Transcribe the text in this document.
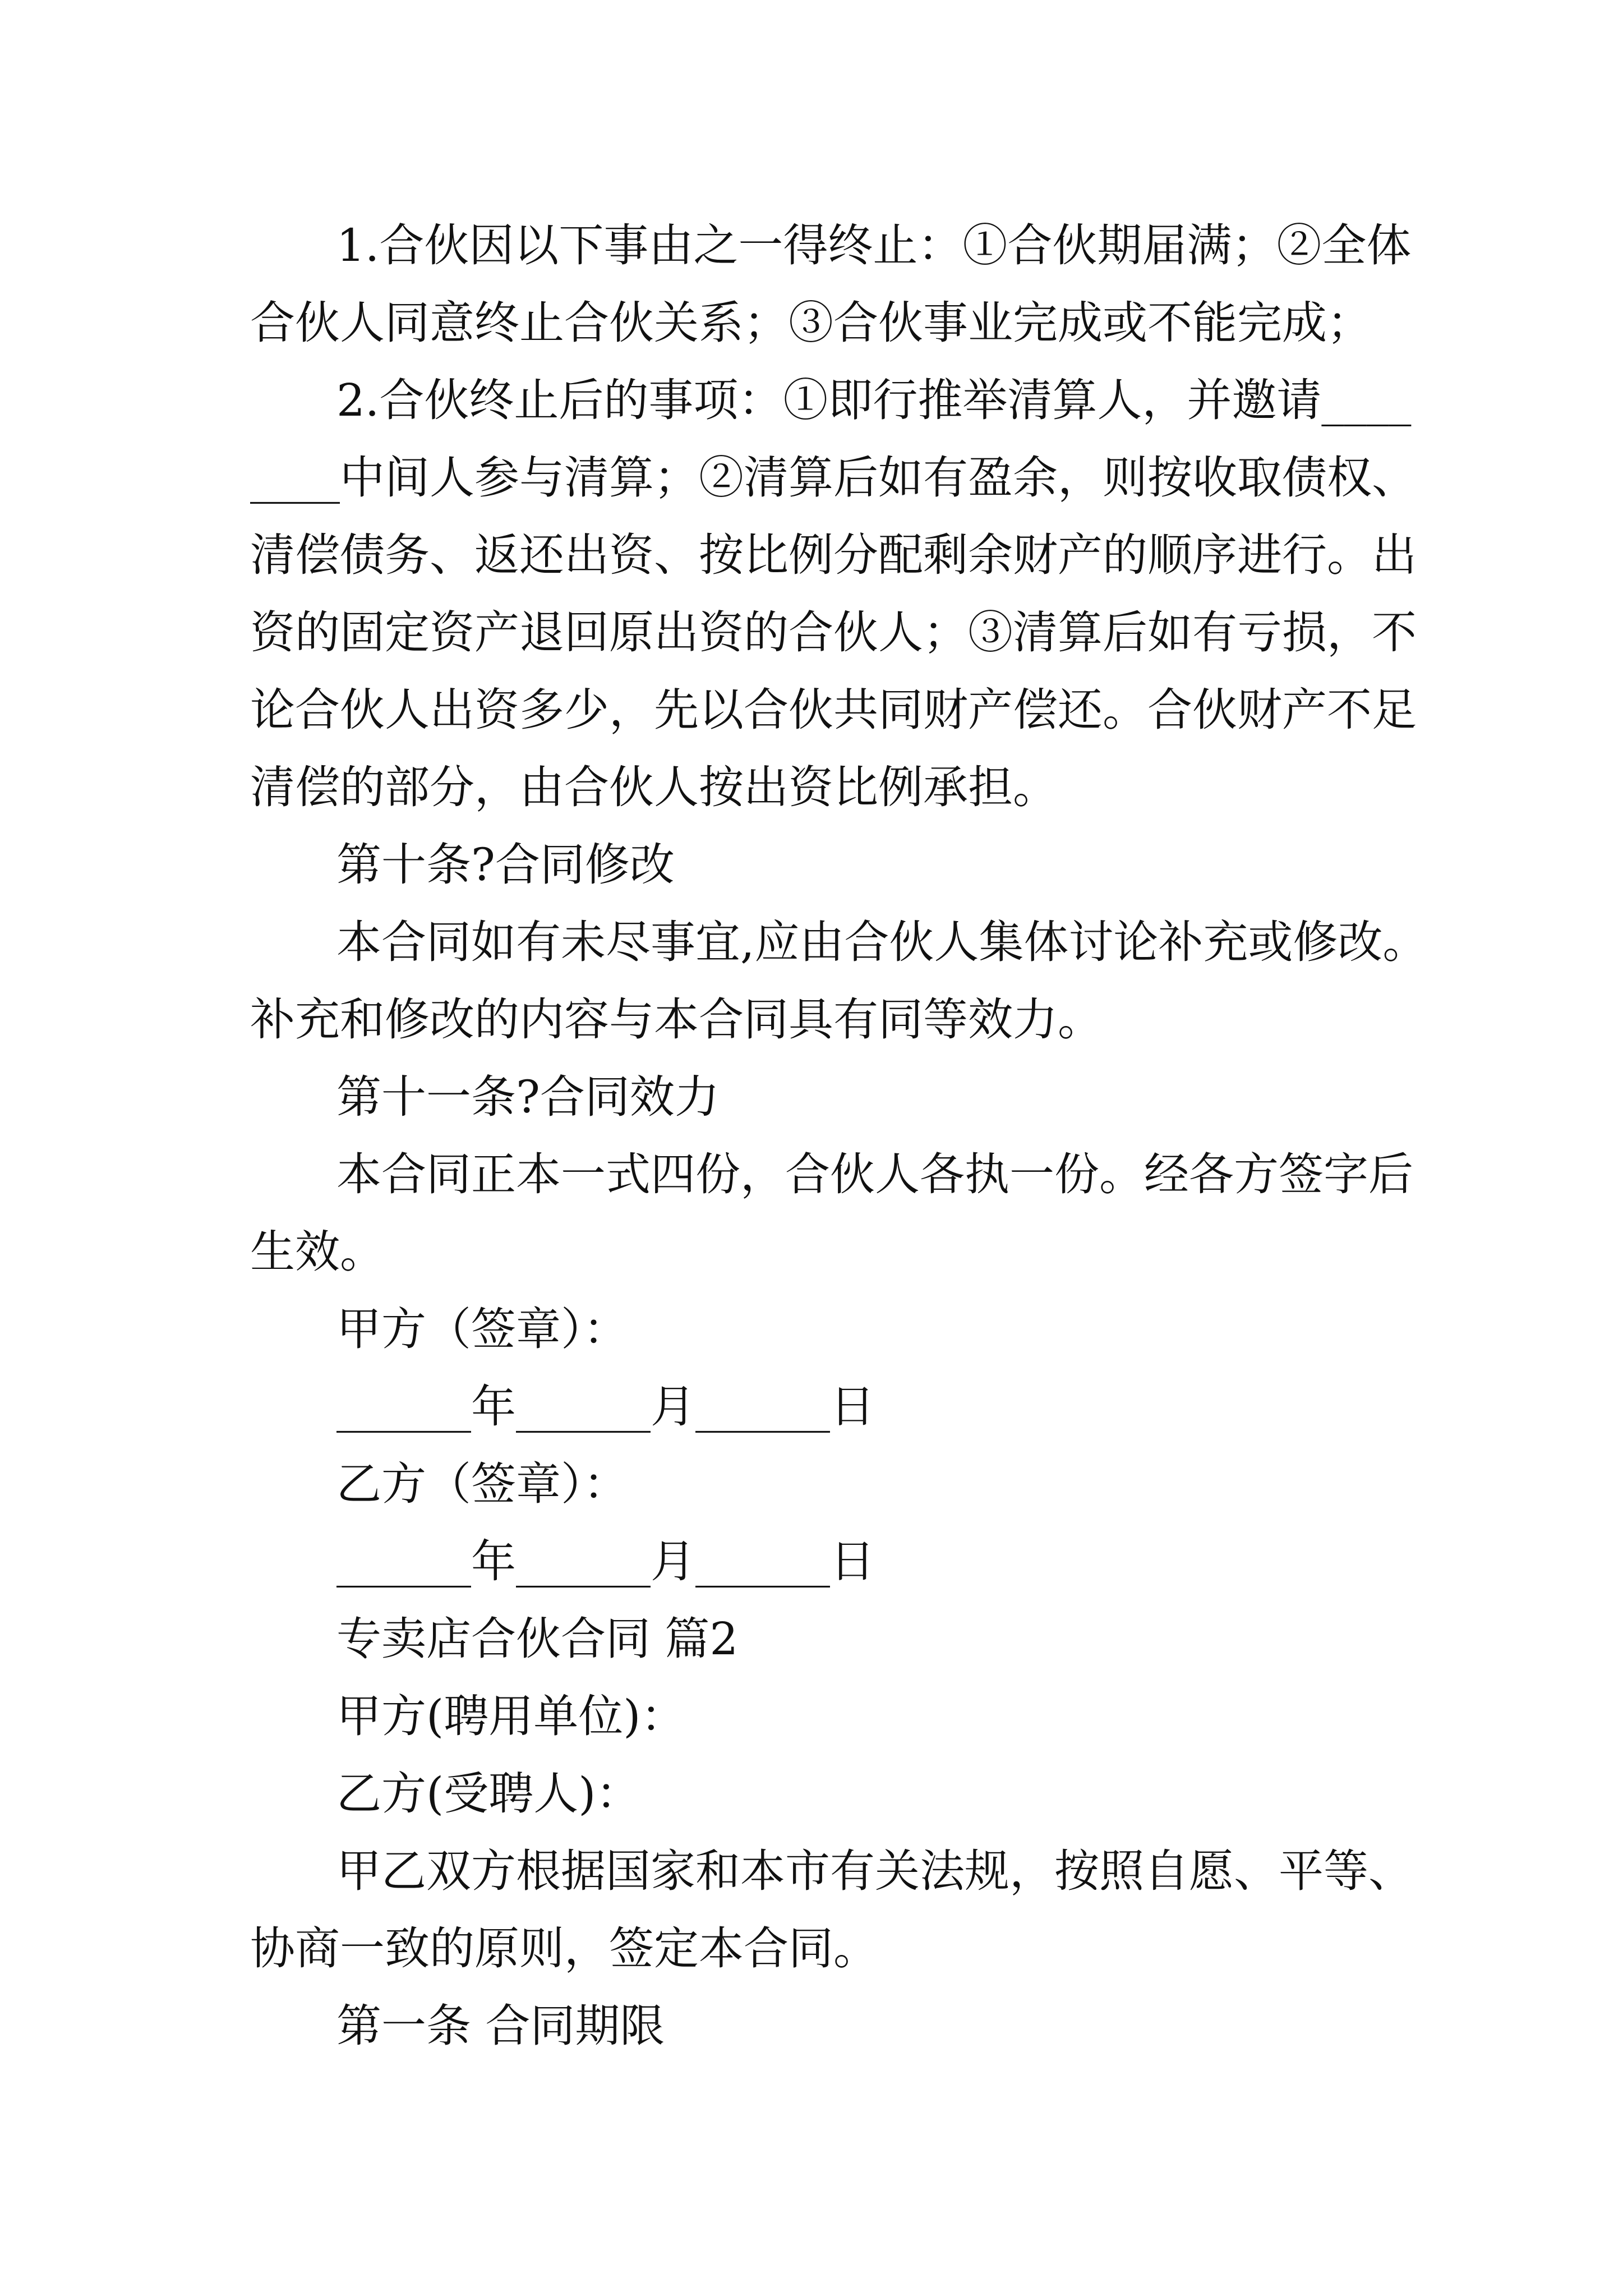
1.合伙因以下事由之一得终止：①合伙期届满；②全体
合伙人同意终止合伙关系；③合伙事业完成或不能完成；
2.合伙终止后的事项：①即行推举清算人，并邀请____
____中间人参与清算；②清算后如有盈余，则按收取债权、
清偿债务、返还出资、按比例分配剩余财产的顺序进行。出
资的固定资产退回原出资的合伙人；③清算后如有亏损，不
论合伙人出资多少，先以合伙共同财产偿还。合伙财产不足
清偿的部分，由合伙人按出资比例承担。
第十条?合同修改
本合同如有未尽事宜,应由合伙人集体讨论补充或修改。
补充和修改的内容与本合同具有同等效力。
第十一条?合同效力
本合同正本一式四份，合伙人各执一份。经各方签字后
生效。
甲方（签章）：
______年______月______日
乙方（签章）：
______年______月______日
专卖店合伙合同 篇2
甲方(聘用单位)：
乙方(受聘人)：
甲乙双方根据国家和本市有关法规，按照自愿、平等、
协商一致的原则，签定本合同。
第一条 合同期限
